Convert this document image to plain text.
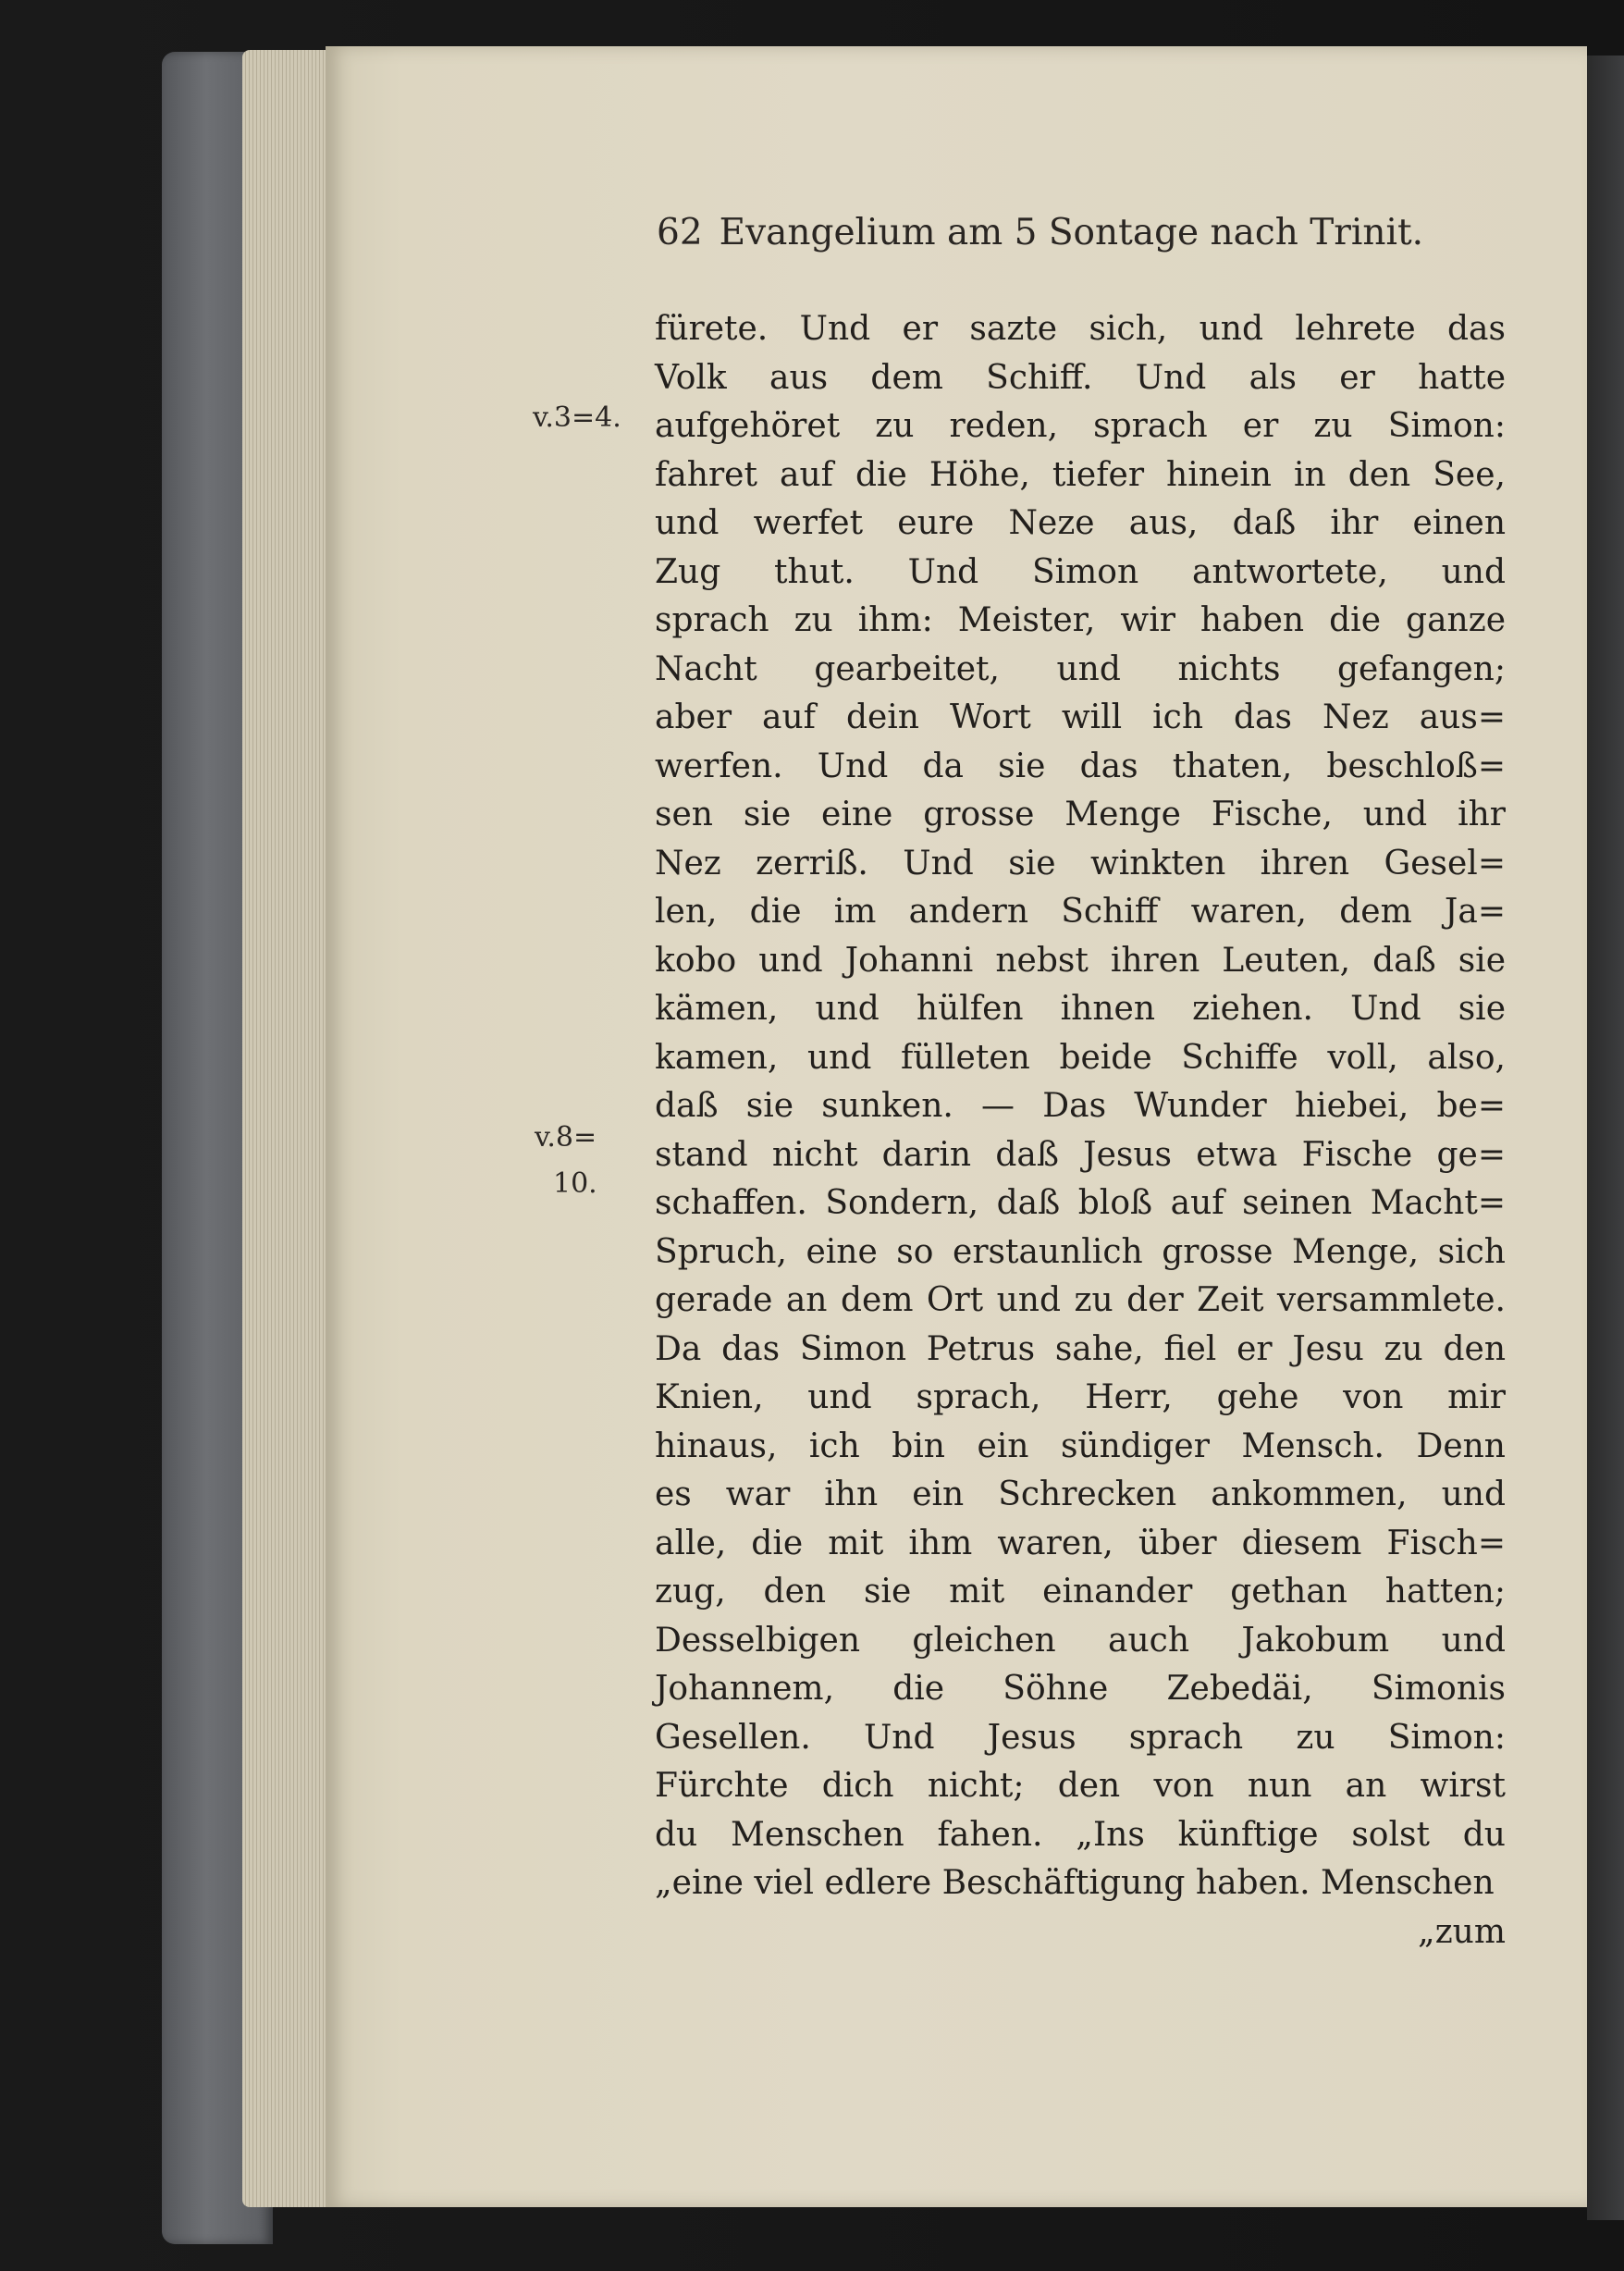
62 Evangelium am 5 Sontage nach Trinit.
v.3=4.
v.8=
10.
fürete. Und er sazte sich, und lehrete das
Volk aus dem Schiff. Und als er hatte
aufgehöret zu reden, sprach er zu Simon:
fahret auf die Höhe, tiefer hinein in den See,
und werfet eure Neze aus, daß ihr einen
Zug thut. Und Simon antwortete, und
sprach zu ihm: Meister, wir haben die ganze
Nacht gearbeitet, und nichts gefangen;
aber auf dein Wort will ich das Nez aus=
werfen. Und da sie das thaten, beschloß=
sen sie eine grosse Menge Fische, und ihr
Nez zerriß. Und sie winkten ihren Gesel=
len, die im andern Schiff waren, dem Ja=
kobo und Johanni nebst ihren Leuten, daß sie
kämen, und hülfen ihnen ziehen. Und sie
kamen, und fülleten beide Schiffe voll, also,
daß sie sunken. — Das Wunder hiebei, be=
stand nicht darin daß Jesus etwa Fische ge=
schaffen. Sondern, daß bloß auf seinen Macht=
Spruch, eine so erstaunlich grosse Menge, sich
gerade an dem Ort und zu der Zeit versammlete.
Da das Simon Petrus sahe, fiel er Jesu zu den
Knien, und sprach, Herr, gehe von mir
hinaus, ich bin ein sündiger Mensch. Denn
es war ihn ein Schrecken ankommen, und
alle, die mit ihm waren, über diesem Fisch=
zug, den sie mit einander gethan hatten;
Desselbigen gleichen auch Jakobum und
Johannem, die Söhne Zebedäi, Simonis
Gesellen. Und Jesus sprach zu Simon:
Fürchte dich nicht; den von nun an wirst
du Menschen fahen. „Ins künftige solst du
„eine viel edlere Beschäftigung haben. Menschen
„zum
